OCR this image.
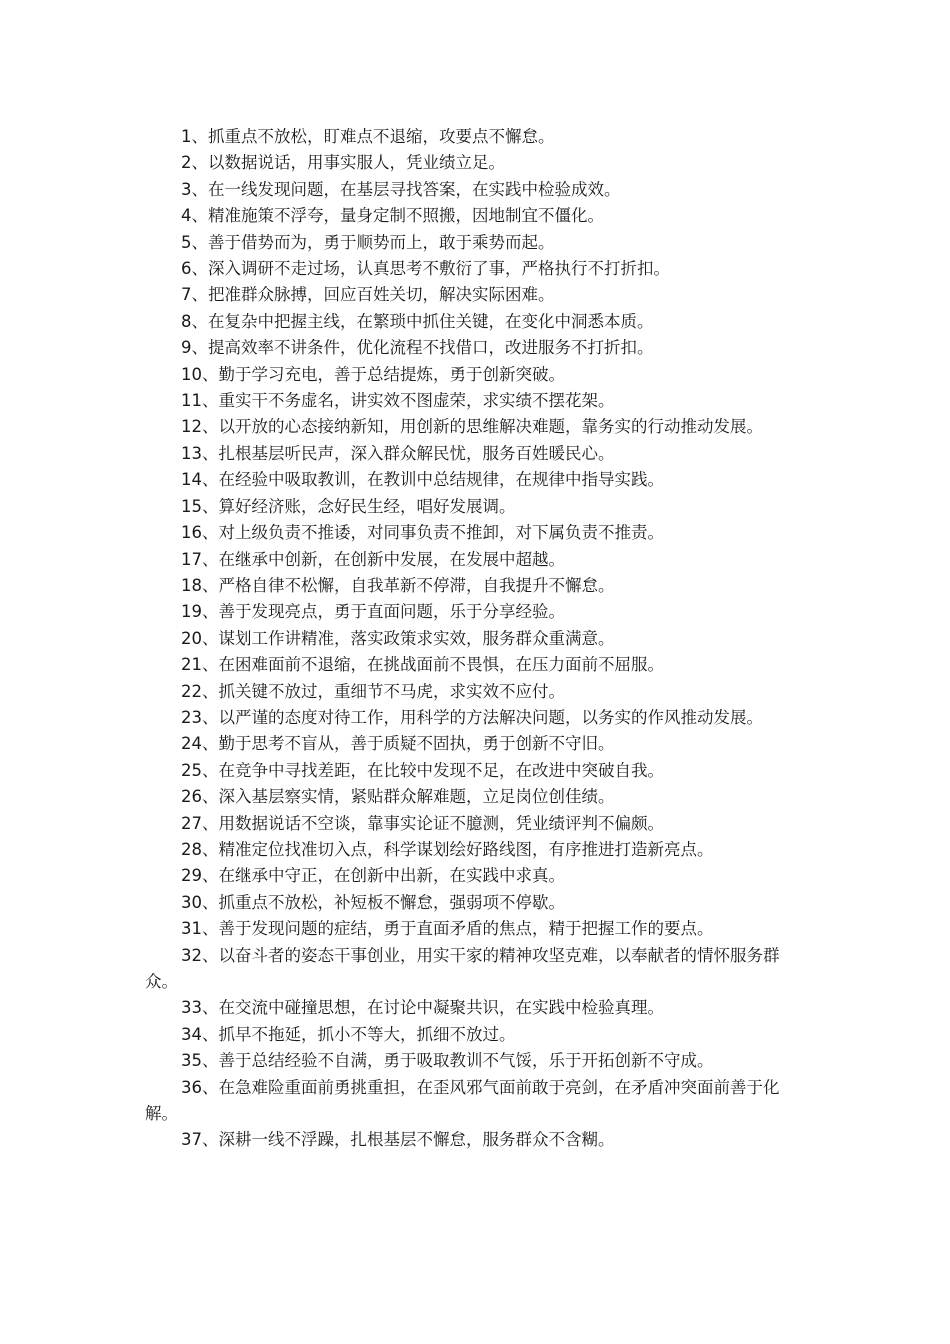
1、抓重点不放松，盯难点不退缩，攻要点不懈怠。

2、以数据说话，用事实服人，凭业绩立足。

3、在一线发现问题，在基层寻找答案，在实践中检验成效。

4、精准施策不浮夸，量身定制不照搬，因地制宜不僵化。

5、善于借势而为，勇于顺势而上，敢于乘势而起。

6、深入调研不走过场，认真思考不敷衍了事，严格执行不打折扣。

7、把准群众脉搏，回应百姓关切，解决实际困难。

8、在复杂中把握主线，在繁琐中抓住关键，在变化中洞悉本质。

9、提高效率不讲条件，优化流程不找借口，改进服务不打折扣。

10、勤于学习充电，善于总结提炼，勇于创新突破。

11、重实干不务虚名，讲实效不图虚荣，求实绩不摆花架。

12、以开放的心态接纳新知，用创新的思维解决难题，靠务实的行动推动发展。

13、扎根基层听民声，深入群众解民忧，服务百姓暖民心。

14、在经验中吸取教训，在教训中总结规律，在规律中指导实践。

15、算好经济账，念好民生经，唱好发展调。

16、对上级负责不推诿，对同事负责不推卸，对下属负责不推责。

17、在继承中创新，在创新中发展，在发展中超越。

18、严格自律不松懈，自我革新不停滞，自我提升不懈怠。

19、善于发现亮点，勇于直面问题，乐于分享经验。

20、谋划工作讲精准，落实政策求实效，服务群众重满意。

21、在困难面前不退缩，在挑战面前不畏惧，在压力面前不屈服。

22、抓关键不放过，重细节不马虎，求实效不应付。

23、以严谨的态度对待工作，用科学的方法解决问题，以务实的作风推动发展。

24、勤于思考不盲从，善于质疑不固执，勇于创新不守旧。

25、在竞争中寻找差距，在比较中发现不足，在改进中突破自我。

26、深入基层察实情，紧贴群众解难题，立足岗位创佳绩。

27、用数据说话不空谈，靠事实论证不臆测，凭业绩评判不偏颇。

28、精准定位找准切入点，科学谋划绘好路线图，有序推进打造新亮点。

29、在继承中守正，在创新中出新，在实践中求真。

30、抓重点不放松，补短板不懈怠，强弱项不停歇。

31、善于发现问题的症结，勇于直面矛盾的焦点，精于把握工作的要点。

32、以奋斗者的姿态干事创业，用实干家的精神攻坚克难，以奉献者的情怀服务群众。

33、在交流中碰撞思想，在讨论中凝聚共识，在实践中检验真理。

34、抓早不拖延，抓小不等大，抓细不放过。

35、善于总结经验不自满，勇于吸取教训不气馁，乐于开拓创新不守成。

36、在急难险重面前勇挑重担，在歪风邪气面前敢于亮剑，在矛盾冲突面前善于化解。

37、深耕一线不浮躁，扎根基层不懈怠，服务群众不含糊。
